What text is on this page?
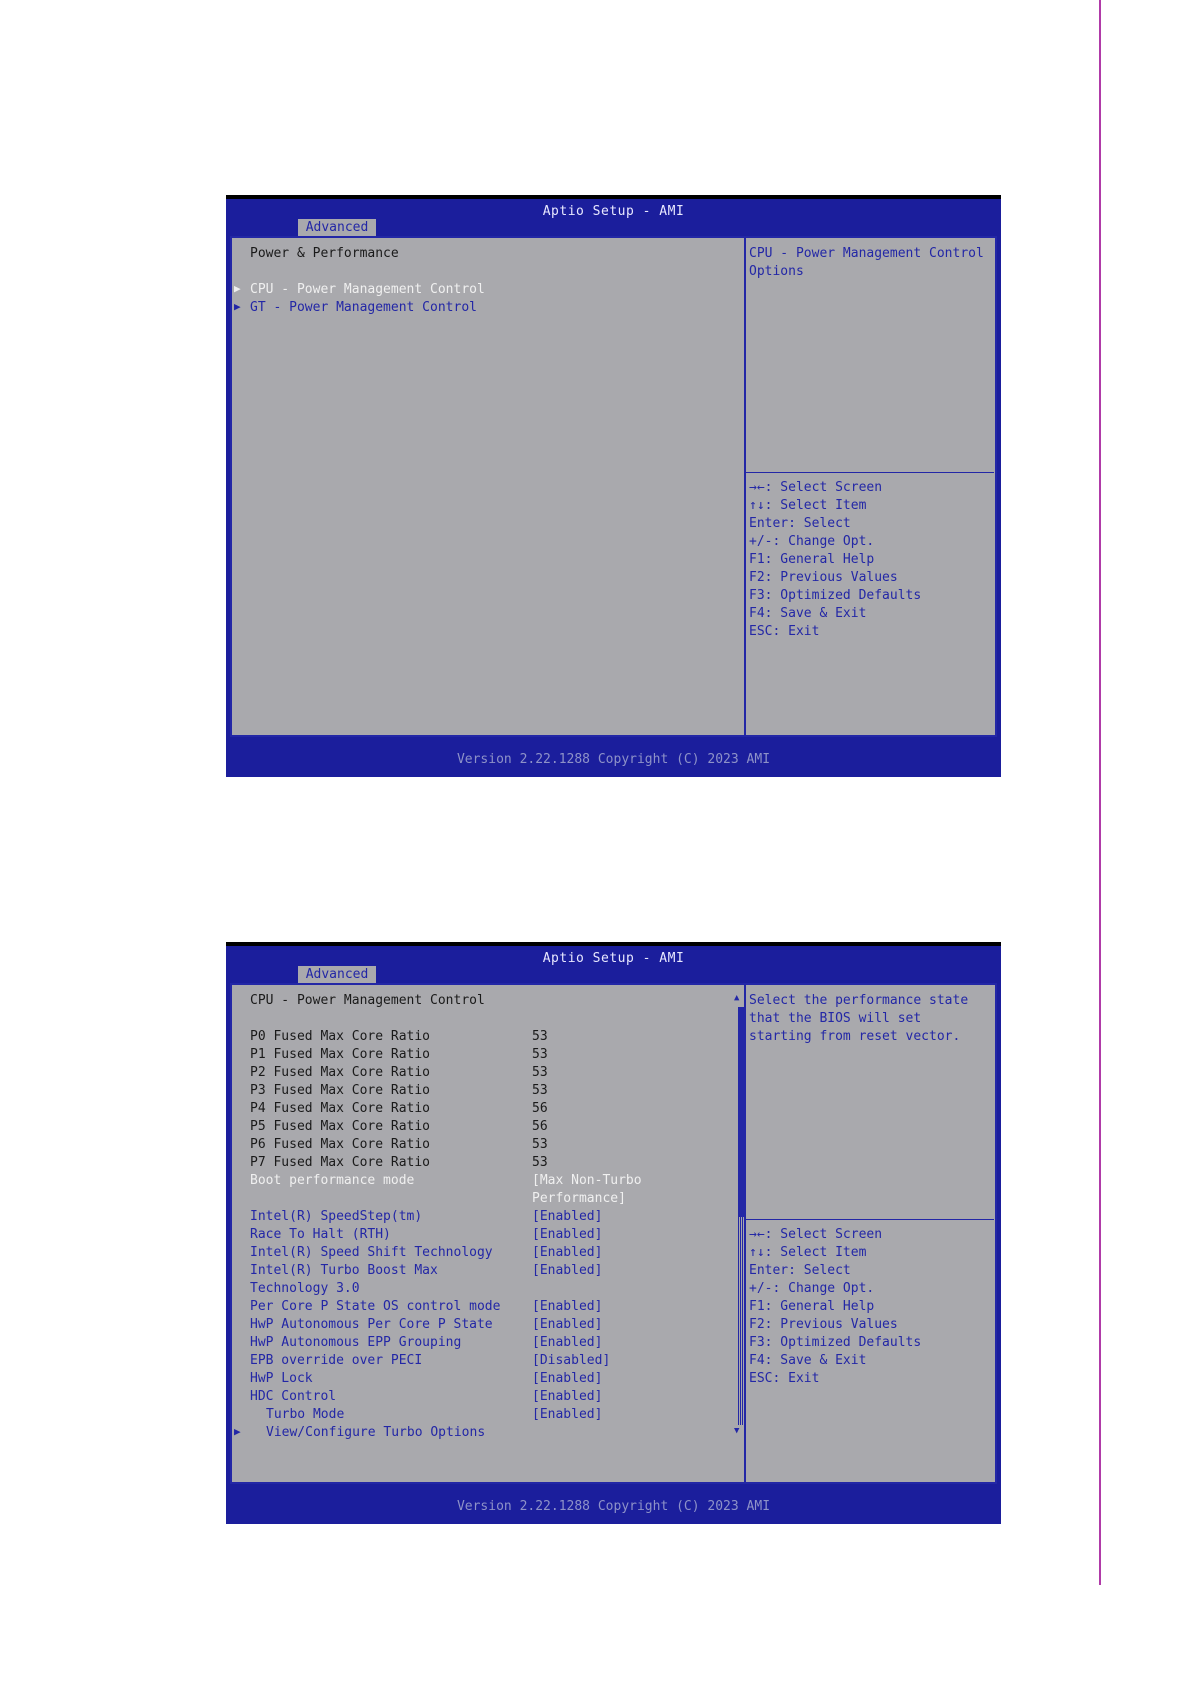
Aptio Setup - AMI
Advanced
Power & Performance
▶ CPU - Power Management Control
▶ GT - Power Management Control
CPU - Power Management Control
Options
→←: Select Screen
↑↓: Select Item
Enter: Select
+/-: Change Opt.
F1: General Help
F2: Previous Values
F3: Optimized Defaults
F4: Save & Exit
ESC: Exit
Version 2.22.1288 Copyright (C) 2023 AMI
Aptio Setup - AMI
Advanced
CPU - Power Management Control
P0 Fused Max Core Ratio	53
P1 Fused Max Core Ratio	53
P2 Fused Max Core Ratio	53
P3 Fused Max Core Ratio	53
P4 Fused Max Core Ratio	56
P5 Fused Max Core Ratio	56
P6 Fused Max Core Ratio	53
P7 Fused Max Core Ratio	53
Boot performance mode	[Max Non-Turbo
Performance]
Intel(R) SpeedStep(tm)	[Enabled]
Race To Halt (RTH)	[Enabled]
Intel(R) Speed Shift Technology	[Enabled]
Intel(R) Turbo Boost Max	[Enabled]
Technology 3.0
Per Core P State OS control mode [Enabled]
HwP Autonomous Per Core P State	[Enabled]
HwP Autonomous EPP Grouping	[Enabled]
EPB override over PECI	[Disabled]
HwP Lock	[Enabled]
HDC Control	[Enabled]
Turbo Mode	[Enabled]
▶ View/Configure Turbo Options
▲
▼
Select the performance state
that the BIOS will set
starting from reset vector.
→←: Select Screen
↑↓: Select Item
Enter: Select
+/-: Change Opt.
F1: General Help
F2: Previous Values
F3: Optimized Defaults
F4: Save & Exit
ESC: Exit
Version 2.22.1288 Copyright (C) 2023 AMI
